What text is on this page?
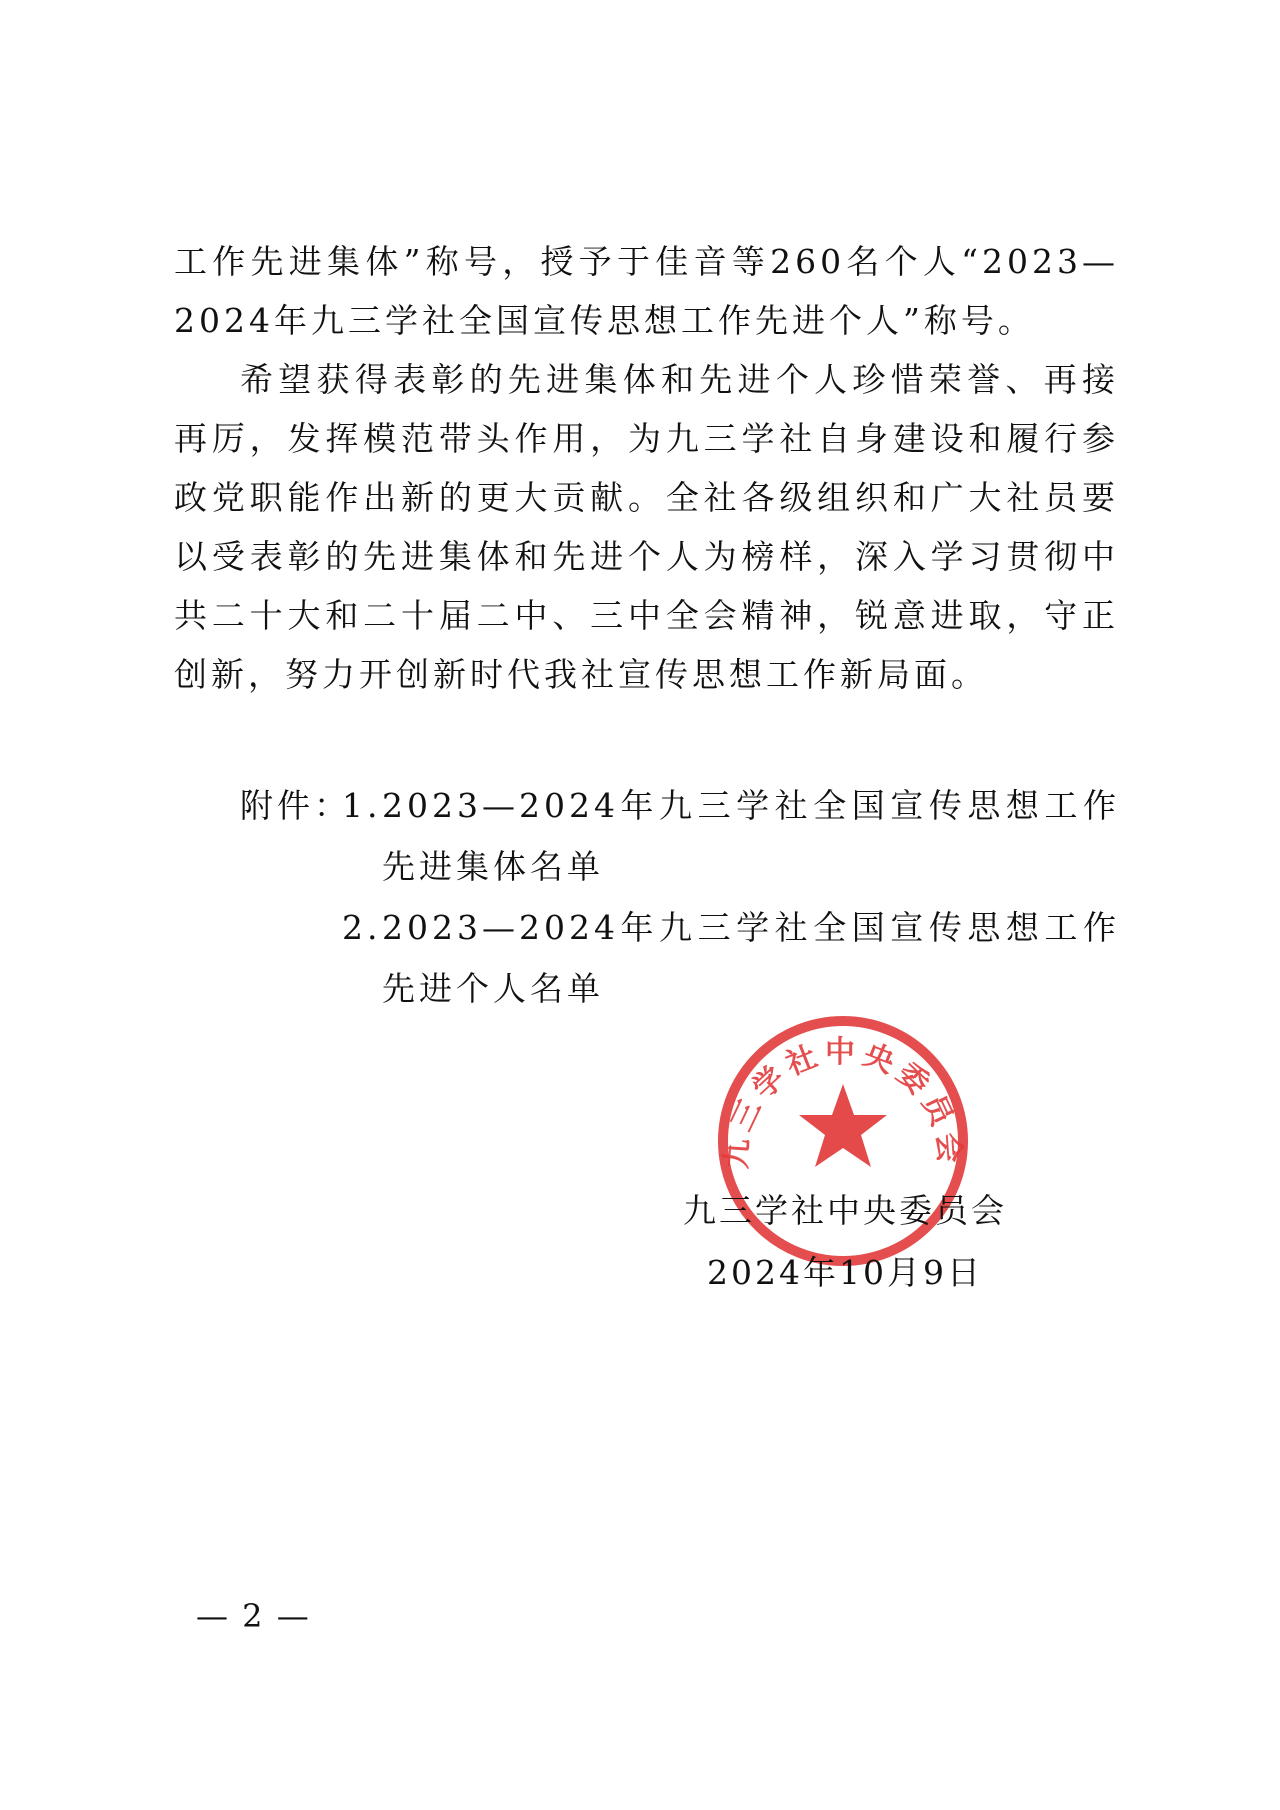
工作先进集体”称号，授予于佳音等260名个人“2023—2024年九三学社全国宣传思想工作先进个人”称号。

希望获得表彰的先进集体和先进个人珍惜荣誉、再接再厉，发挥模范带头作用，为九三学社自身建设和履行参政党职能作出新的更大贡献。全社各级组织和广大社员要以受表彰的先进集体和先进个人为榜样，深入学习贯彻中共二十大和二十届二中、三中全会精神，锐意进取，守正创新，努力开创新时代我社宣传思想工作新局面。

附件：
1. 2023—2024年九三学社全国宣传思想工作先进集体名单
2. 2023—2024年九三学社全国宣传思想工作先进个人名单
九三学社中央委员会
九三学社中央委员会
2024年10月9日
— 2 —
